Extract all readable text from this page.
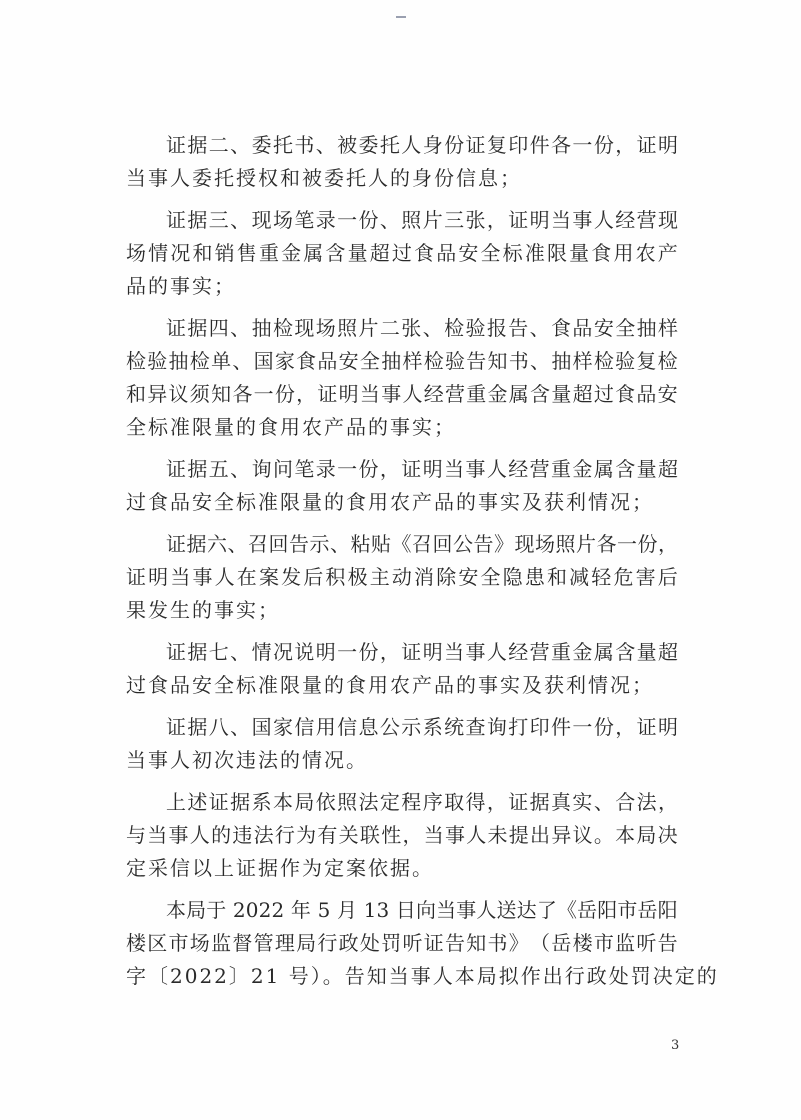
证 据 二 、 委 托 书 、 被 委 托 人 身 份 证 复 印 件 各 一 份 ， 证 明
当事人委托授权和被委托人的身份信息；
证 据 三 、 现 场 笔 录 一 份 、 照 片 三 张 ， 证 明 当 事 人 经 营 现
场 情 况 和 销 售 重 金 属 含 量 超 过 食 品 安 全 标 准 限 量 食 用 农 产
品的事实；
证 据 四 、 抽 检 现 场 照 片 二 张 、 检 验 报 告 、 食 品 安 全 抽 样
检 验 抽 检 单 、 国 家 食 品 安 全 抽 样 检 验 告 知 书 、 抽 样 检 验 复 检
和 异 议 须 知 各 一 份 ， 证 明 当 事 人 经 营 重 金 属 含 量 超 过 食 品 安
全标准限量的食用农产品的事实；
证 据 五 、 询 问 笔 录 一 份 ， 证 明 当 事 人 经 营 重 金 属 含 量 超
过食品安全标准限量的食用农产品的事实及获利情况；
证 据 六 、 召 回 告 示 、 粘 贴 《 召 回 公 告 》 现 场 照 片 各 一 份 ，
证 明 当 事 人 在 案 发 后 积 极 主 动 消 除 安 全 隐 患 和 减 轻 危 害 后
果发生的事实；
证 据 七 、 情 况 说 明 一 份 ， 证 明 当 事 人 经 营 重 金 属 含 量 超
过食品安全标准限量的食用农产品的事实及获利情况；
证 据 八 、 国 家 信 用 信 息 公 示 系 统 查 询 打 印 件 一 份 ， 证 明
当事人初次违法的情况。
上 述 证 据 系 本 局 依 照 法 定 程 序 取 得 ， 证 据 真 实 、 合 法 ，
与 当 事 人 的 违 法 行 为 有 关 联 性 ， 当 事 人 未 提 出 异 议 。 本 局 决
定采信以上证据作为定案依据。
本 局 于
2 0 2 2
年
5
月
1 3
日 向 当 事 人 送 达 了 《 岳 阳 市 岳 阳
楼 区 市 场 监 督 管 理 局 行 政 处 罚 听 证 告 知 书 》 （ 岳 楼 市 监 听 告
字〔2022〕21 号）。告知当事人本局拟作出行政处罚决定的
3
